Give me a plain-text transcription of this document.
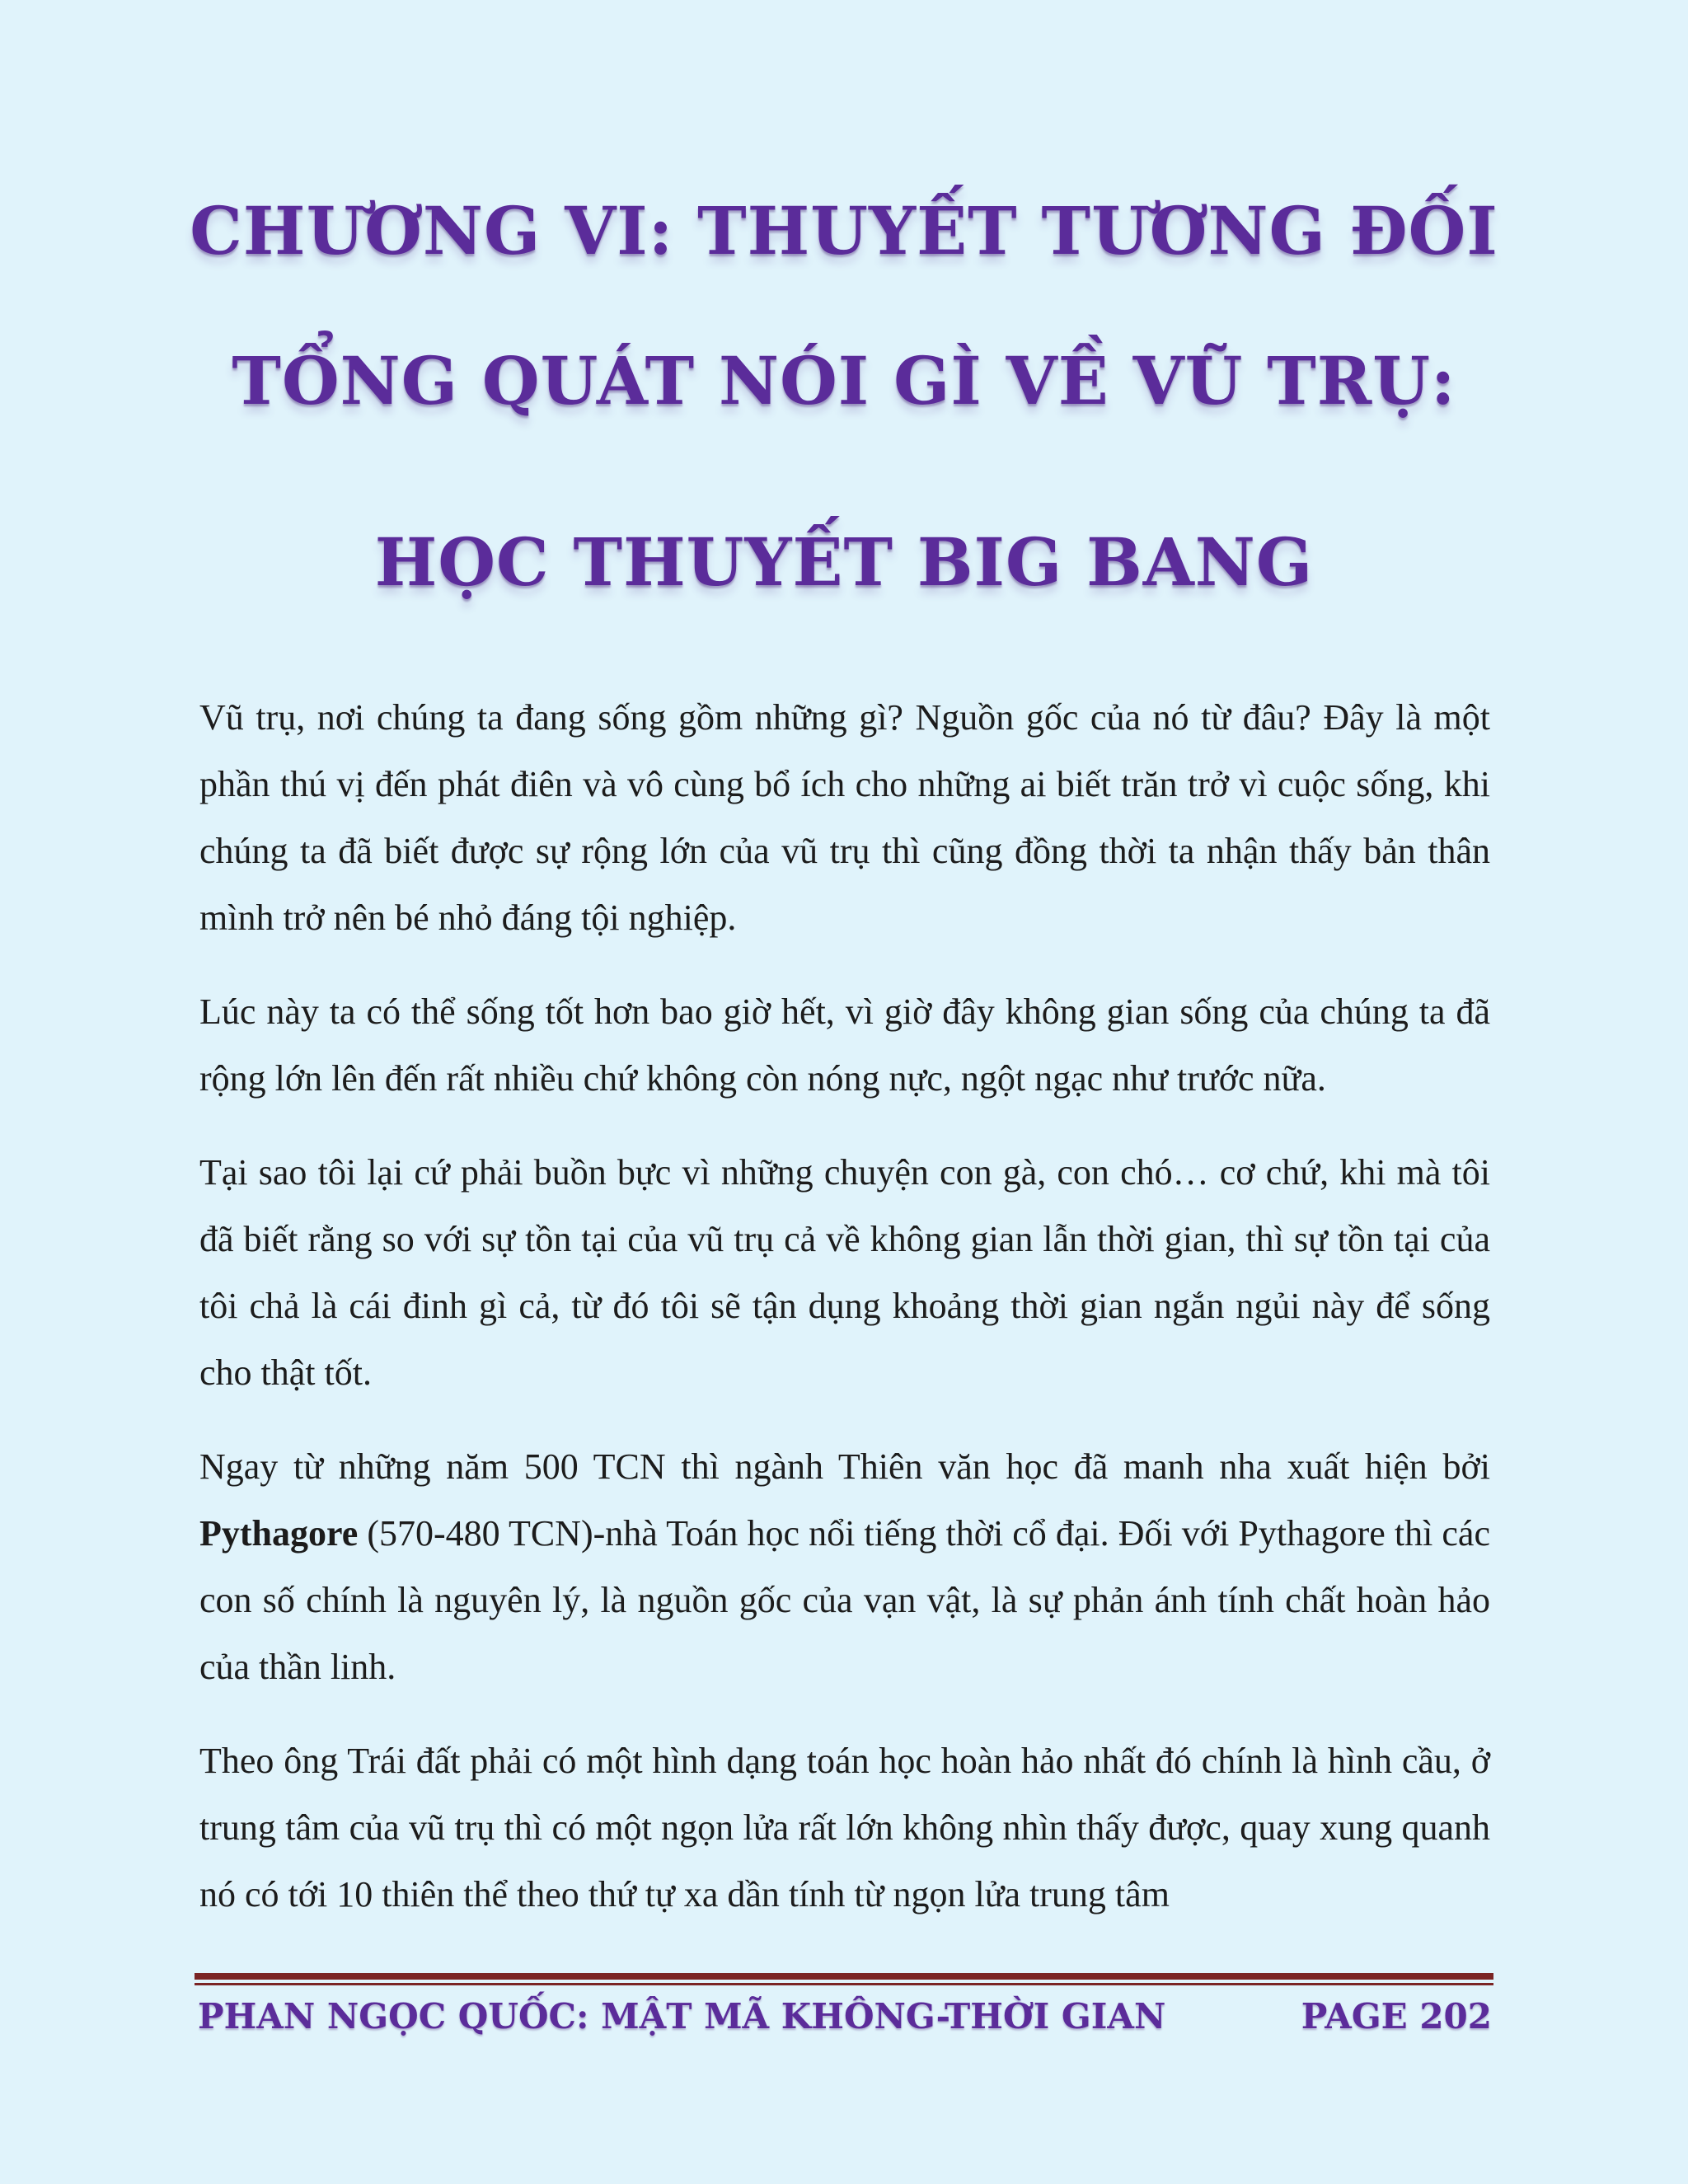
CHƯƠNG VI: THUYẾT TƯƠNG ĐỐI
TỔNG QUÁT NÓI GÌ VỀ VŨ TRỤ:
HỌC THUYẾT BIG BANG

Vũ trụ, nơi chúng ta đang sống gồm những gì? Nguồn gốc của nó từ đâu? Đây là một phần thú vị đến phát điên và vô cùng bổ ích cho những ai biết trăn trở vì cuộc sống, khi chúng ta đã biết được sự rộng lớn của vũ trụ thì cũng đồng thời ta nhận thấy bản thân mình trở nên bé nhỏ đáng tội nghiệp.

Lúc này ta có thể sống tốt hơn bao giờ hết, vì giờ đây không gian sống của chúng ta đã rộng lớn lên đến rất nhiều chứ không còn nóng nực, ngột ngạc như trước nữa.

Tại sao tôi lại cứ phải buồn bực vì những chuyện con gà, con chó… cơ chứ, khi mà tôi đã biết rằng so với sự tồn tại của vũ trụ cả về không gian lẫn thời gian, thì sự tồn tại của tôi chả là cái đinh gì cả, từ đó tôi sẽ tận dụng khoảng thời gian ngắn ngủi này để sống cho thật tốt.

Ngay từ những năm 500 TCN thì ngành Thiên văn học đã manh nha xuất hiện bởi Pythagore (570-480 TCN)-nhà Toán học nổi tiếng thời cổ đại. Đối với Pythagore thì các con số chính là nguyên lý, là nguồn gốc của vạn vật, là sự phản ánh tính chất hoàn hảo của thần linh.

Theo ông Trái đất phải có một hình dạng toán học hoàn hảo nhất đó chính là hình cầu, ở trung tâm của vũ trụ thì có một ngọn lửa rất lớn không nhìn thấy được, quay xung quanh nó có tới 10 thiên thể theo thứ tự xa dần tính từ ngọn lửa trung tâm

PHAN NGỌC QUỐC: MẬT MÃ KHÔNG-THỜI GIAN	PAGE 202
